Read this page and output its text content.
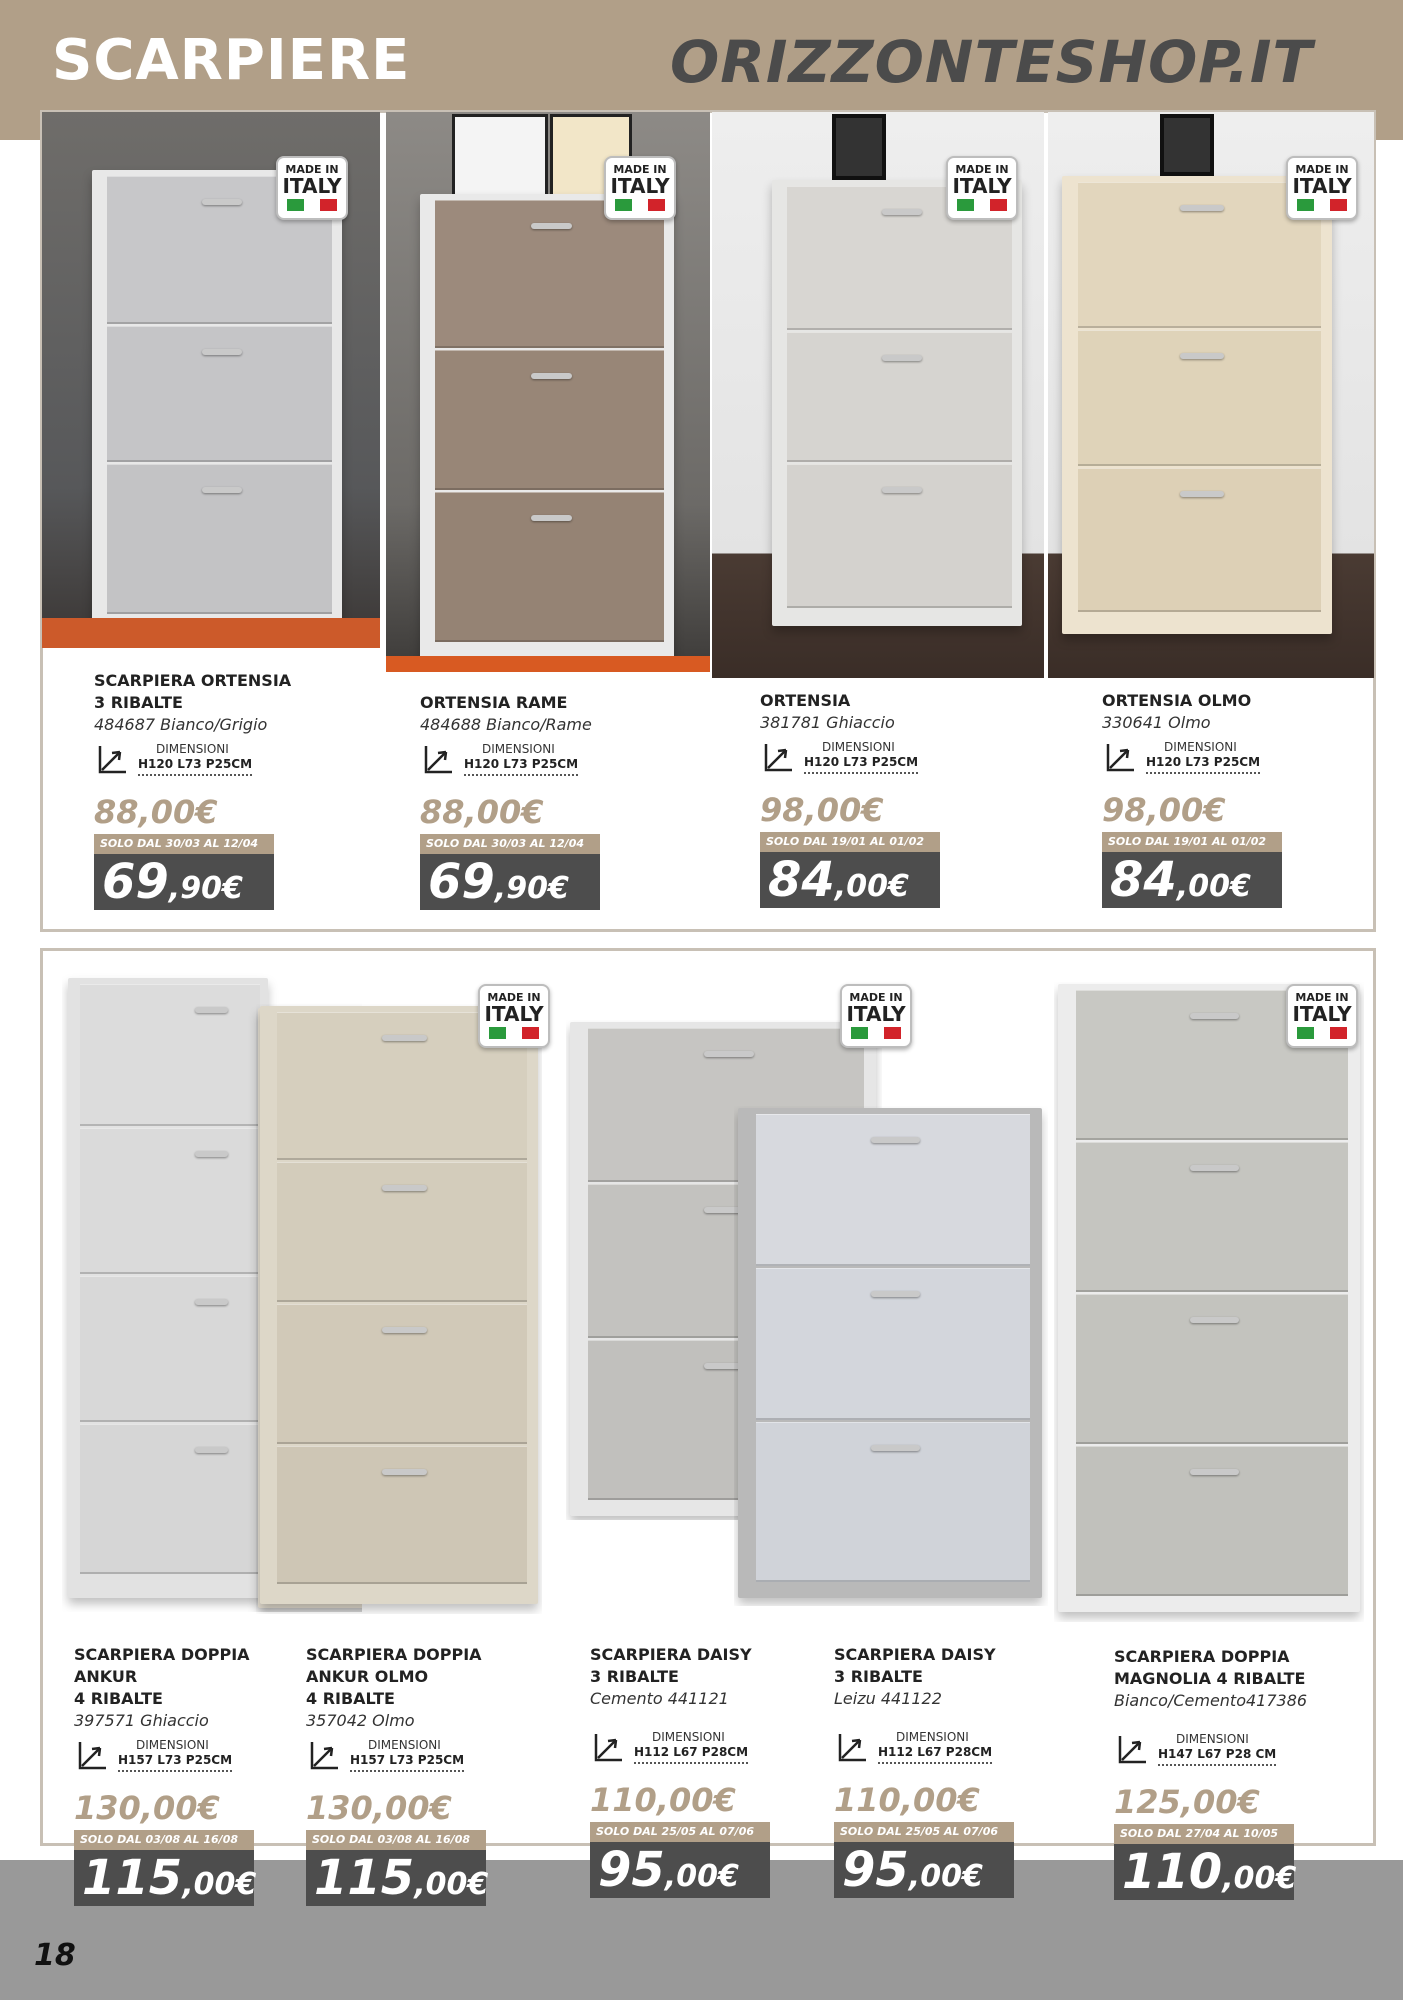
SCARPIERE	ORIZZONTESHOP.IT
18
MADE IN
ITALY
MADE IN
ITALY
MADE IN
ITALY
MADE IN
ITALY
MADE IN
ITALY
MADE IN
ITALY
MADE IN
ITALY
SCARPIERA ORTENSIA
3 RIBALTE
484687 Bianco/Grigio
DIMENSIONI
H120 L73 P25CM
88,00€
SOLO DAL 30/03 AL 12/04
69,90€
ORTENSIA RAME
484688 Bianco/Rame
DIMENSIONI
H120 L73 P25CM
88,00€
SOLO DAL 30/03 AL 12/04
69,90€
ORTENSIA
381781 Ghiaccio
DIMENSIONI
H120 L73 P25CM
98,00€
SOLO DAL 19/01 AL 01/02
84,00€
ORTENSIA OLMO
330641 Olmo
DIMENSIONI
H120 L73 P25CM
98,00€
SOLO DAL 19/01 AL 01/02
84,00€
SCARPIERA DOPPIA
ANKUR
4 RIBALTE
397571 Ghiaccio
DIMENSIONI
H157 L73 P25CM
130,00€
SOLO DAL 03/08 AL 16/08
115,00€
SCARPIERA DOPPIA
ANKUR OLMO
4 RIBALTE
357042 Olmo
DIMENSIONI
H157 L73 P25CM
130,00€
SOLO DAL 03/08 AL 16/08
115,00€
SCARPIERA DAISY
3 RIBALTE
Cemento 441121
DIMENSIONI
H112 L67 P28CM
110,00€
SOLO DAL 25/05 AL 07/06
95,00€
SCARPIERA DAISY
3 RIBALTE
Leizu 441122
DIMENSIONI
H112 L67 P28CM
110,00€
SOLO DAL 25/05 AL 07/06
95,00€
SCARPIERA DOPPIA
MAGNOLIA 4 RIBALTE
Bianco/Cemento417386
DIMENSIONI
H147 L67 P28 CM
125,00€
SOLO DAL 27/04 AL 10/05
110,00€
